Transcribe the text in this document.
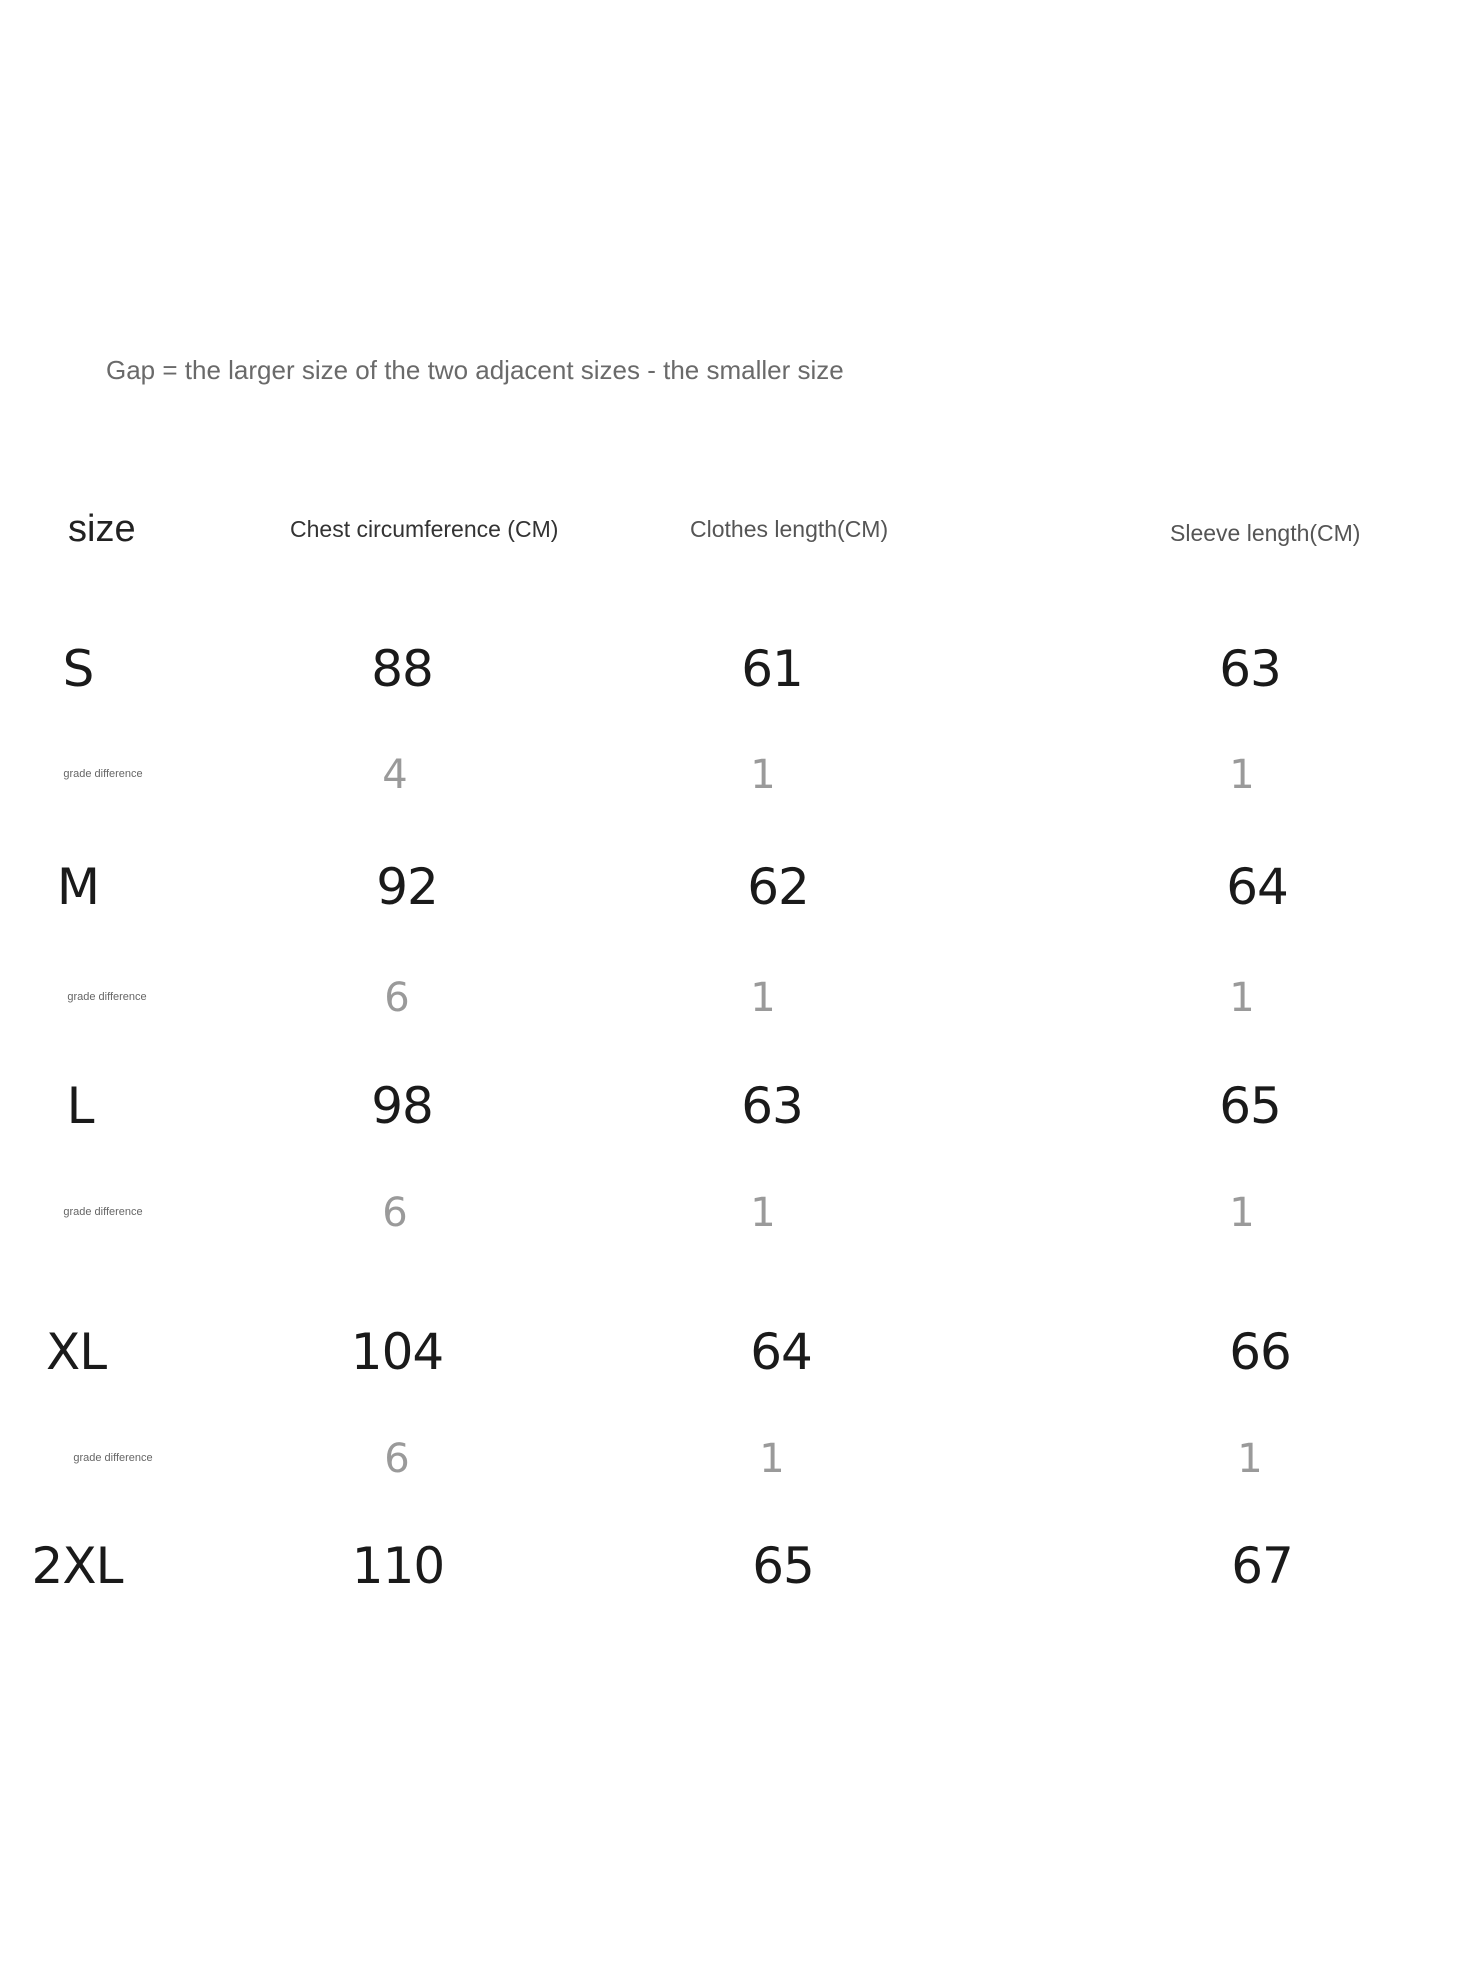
Gap = the larger size of the two adjacent sizes - the smaller size
size	Chest circumference (CM)	Clothes length(CM)	Sleeve length(CM)
S	88	61	63
grade difference	4	1	1
M	92	62	64
grade difference	6	1	1
L	98	63	65
grade difference	6	1	1
XL	104	64	66
grade difference	6	1	1
2XL	110	65	67
